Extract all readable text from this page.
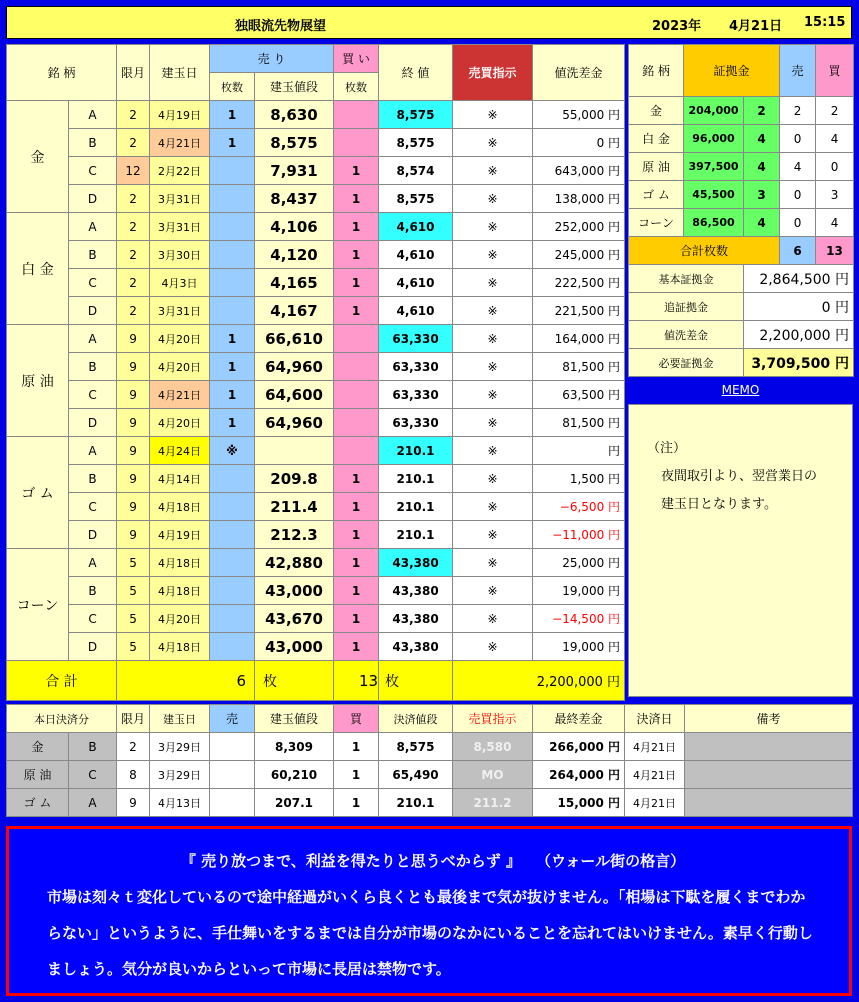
独眼流先物展望	2023年 4月21日 15:15
銘 柄		限月	建玉日	売 り		買 い	終 値	売買指示	値洗差金
				枚数	建玉値段	枚数			
金	A	2	4月19日	1	8,630		8,575	※	55,000 円
	B	2	4月21日	1	8,575		8,575	※	0 円
	C	12	2月22日		7,931	1	8,574	※	643,000 円
	D	2	3月31日		8,437	1	8,575	※	138,000 円
白 金	A	2	3月31日		4,106	1	4,610	※	252,000 円
	B	2	3月30日		4,120	1	4,610	※	245,000 円
	C	2	4月3日		4,165	1	4,610	※	222,500 円
	D	2	3月31日		4,167	1	4,610	※	221,500 円
原 油	A	9	4月20日	1	66,610		63,330	※	164,000 円
	B	9	4月20日	1	64,960		63,330	※	81,500 円
	C	9	4月21日	1	64,600		63,330	※	63,500 円
	D	9	4月20日	1	64,960		63,330	※	81,500 円
ゴ ム	A	9	4月24日	※			210.1	※	円
	B	9	4月14日		209.8	1	210.1	※	1,500 円
	C	9	4月18日		211.4	1	210.1	※	−6,500 円
	D	9	4月19日		212.3	1	210.1	※	−11,000 円
コーン	A	5	4月18日		42,880	1	43,380	※	25,000 円
	B	5	4月18日		43,000	1	43,380	※	19,000 円
	C	5	4月20日		43,670	1	43,380	※	−14,500 円
	D	5	4月18日		43,000	1	43,380	※	19,000 円
合 計		6			枚	13	枚	2,200,000 円	
銘 柄	証拠金		売	買
金	204,000	2	2	2
白 金	96,000	4	0	4
原 油	397,500	4	4	0
ゴ ム	45,500	3	0	3
コーン	86,500	4	0	4
合計枚数			6	13
基本証拠金		2,864,500 円		
追証拠金		0 円		
値洗差金		2,200,000 円		
必要証拠金		3,709,500 円		
MEMO
（注）
夜間取引より、翌営業日の
建玉日となります。
本日決済分		限月	建玉日	売	建玉値段	買	決済値段	売買指示	最終差金	決済日	備考
金	B	2	3月29日		8,309	1	8,575	8,580	266,000 円	4月21日	
原 油	C	8	3月29日		60,210	1	65,490	MO	264,000 円	4月21日	
ゴ ム	A	9	4月13日		207.1	1	210.1	211.2	15,000 円	4月21日	
『 売り放つまで、利益を得たりと思うべからず 』　　（ウォール街の格言）
市場は刻々ｔ変化しているので途中経過がいくら良くとも最後まで気が抜けません。「相場は下駄を履くまでわからない」というように、手仕舞いをするまでは自分が市場のなかにいることを忘れてはいけません。素早く行動しましょう。気分が良いからといって市場に長居は禁物です。
